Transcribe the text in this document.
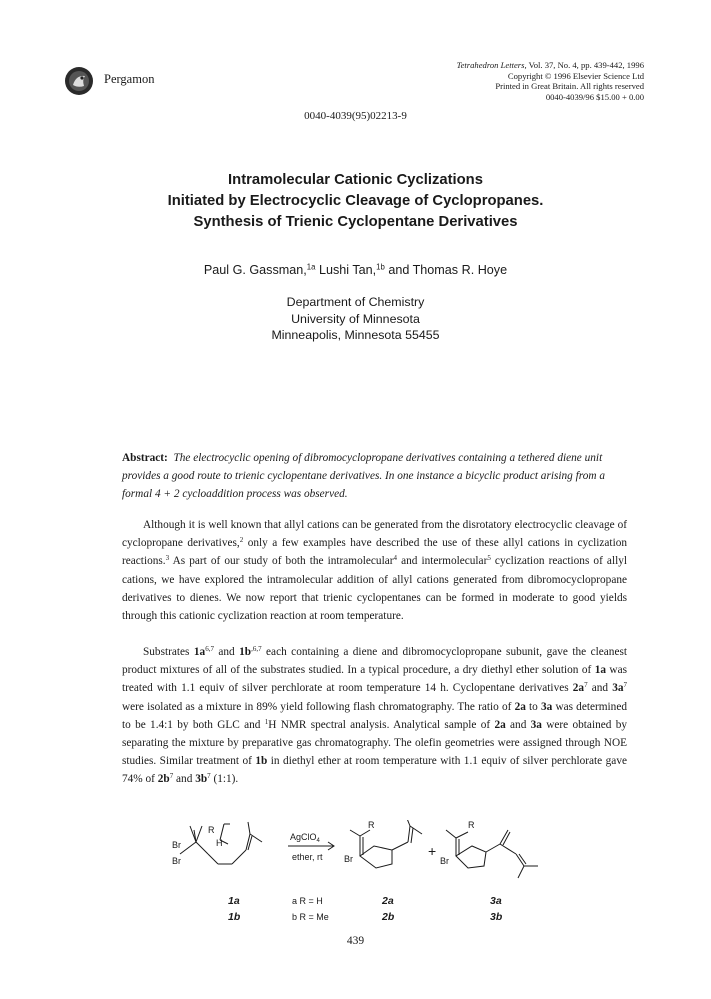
Pergamon
Tetrahedron Letters, Vol. 37, No. 4, pp. 439-442, 1996
Copyright © 1996 Elsevier Science Ltd
Printed in Great Britain. All rights reserved
0040-4039/96 $15.00 + 0.00
0040-4039(95)02213-9
Intramolecular Cationic Cyclizations
Initiated by Electrocyclic Cleavage of Cyclopropanes.
Synthesis of Trienic Cyclopentane Derivatives
Paul G. Gassman,$^{1a}$ Lushi Tan,$^{1b}$ and Thomas R. Hoye
Department of Chemistry
University of Minnesota
Minneapolis, Minnesota 55455
Abstract: The electrocyclic opening of dibromocyclopropane derivatives containing a tethered diene unit provides a good route to trienic cyclopentane derivatives. In one instance a bicyclic product arising from a formal 4 + 2 cycloaddition process was observed.
Although it is well known that allyl cations can be generated from the disrotatory electrocyclic cleavage of cyclopropane derivatives,$^2$ only a few examples have described the use of these allyl cations in cyclization reactions.$^3$ As part of our study of both the intramolecular$^4$ and intermolecular$^5$ cyclization reactions of allyl cations, we have explored the intramolecular addition of allyl cations generated from dibromocyclopropane derivatives to dienes. We now report that trienic cyclopentanes can be formed in moderate to good yields through this cationic cyclization reaction at room temperature.
Substrates $1a^{6,7}$ and $1b^{,6,7}$ each containing a diene and dibromocyclopropane subunit, gave the cleanest product mixtures of all of the substrates studied. In a typical procedure, a dry diethyl ether solution of 1a was treated with 1.1 equiv of silver perchlorate at room temperature 14 h. Cyclopentane derivatives $2a^7$ and $3a^7$ were isolated as a mixture in 89% yield following flash chromatography. The ratio of 2a to 3a was determined to be 1.4:1 by both GLC and $^1$H NMR spectral analysis. Analytical sample of 2a and 3a were obtained by separating the mixture by preparative gas chromatography. The olefin geometries were assigned through NOE studies. Similar treatment of 1b in diethyl ether at room temperature with 1.1 equiv of silver perchlorate gave 74% of $2b^7$ and $3b^7$ (1:1).
R
H
Br
Br
AgClO$_4$
ether, rt
R
Br	+
R
Br
1a
1b
a R = H
b R = Me
2a
2b
3a
3b
439
